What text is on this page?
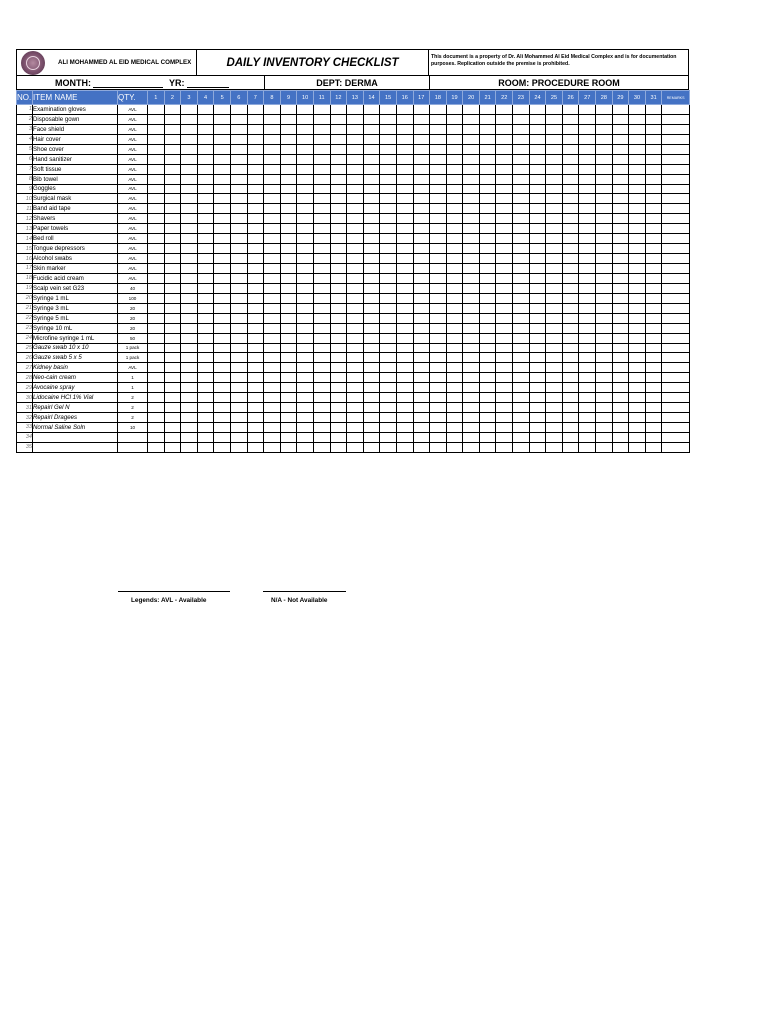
ALI MOHAMMED AL EID MEDICAL COMPLEX	DAILY INVENTORY CHECKLIST	This document is a property of Dr. Ali Mohammed Al Eid Medical Complex and is for documentation purposes. Replication outside the premise is prohibited.
MONTH:	YR:	DEPT: DERMA	ROOM: PROCEDURE ROOM
NO.	ITEM NAME	QTY.	1	2	3	4	5	6	7	8	9	10	11	12	13	14	15	16	17	18	19	20	21	22	23	24	25	26	27	28	29	30	31	REMARKS
1	Examination gloves	AVL																																
2	Disposable gown	AVL																																
3	Face shield	AVL																																
4	Hair cover	AVL																																
5	Shoe cover	AVL																																
6	Hand sanitizer	AVL																																
7	Soft tissue	AVL																																
8	Bib towel	AVL																																
9	Goggles	AVL																																
10	Surgical mask	AVL																																
11	Band aid tape	AVL																																
12	Shavers	AVL																																
13	Paper towels	AVL																																
14	Bed roll	AVL																																
15	Tongue depressors	AVL																																
16	Alcohol swabs	AVL																																
17	Skin marker	AVL																																
18	Fucidic acid cream	AVL																																
19	Scalp vein set G23	40																																
20	Syringe 1 mL	100																																
21	Syringe 3 mL	20																																
22	Syringe 5 mL	20																																
23	Syringe 10 mL	20																																
24	Microfine syringe 1 mL	50																																
25	Gauze swab 10 x 10	1 pack																																
26	Gauze swab 5 x 5	1 pack																																
27	Kidney basin	AVL																																
28	Neo-cain cream	1																																
29	Avocaine spray	1																																
30	Lidocaine HCl 1% Vial	2																																
31	Repairl Gel N	2																																
32	Repairl Dragees	2																																
33	Normal Saline Soln	10																																
34																																		
35																																		
Legends: AVL - Available	N/A - Not Available
